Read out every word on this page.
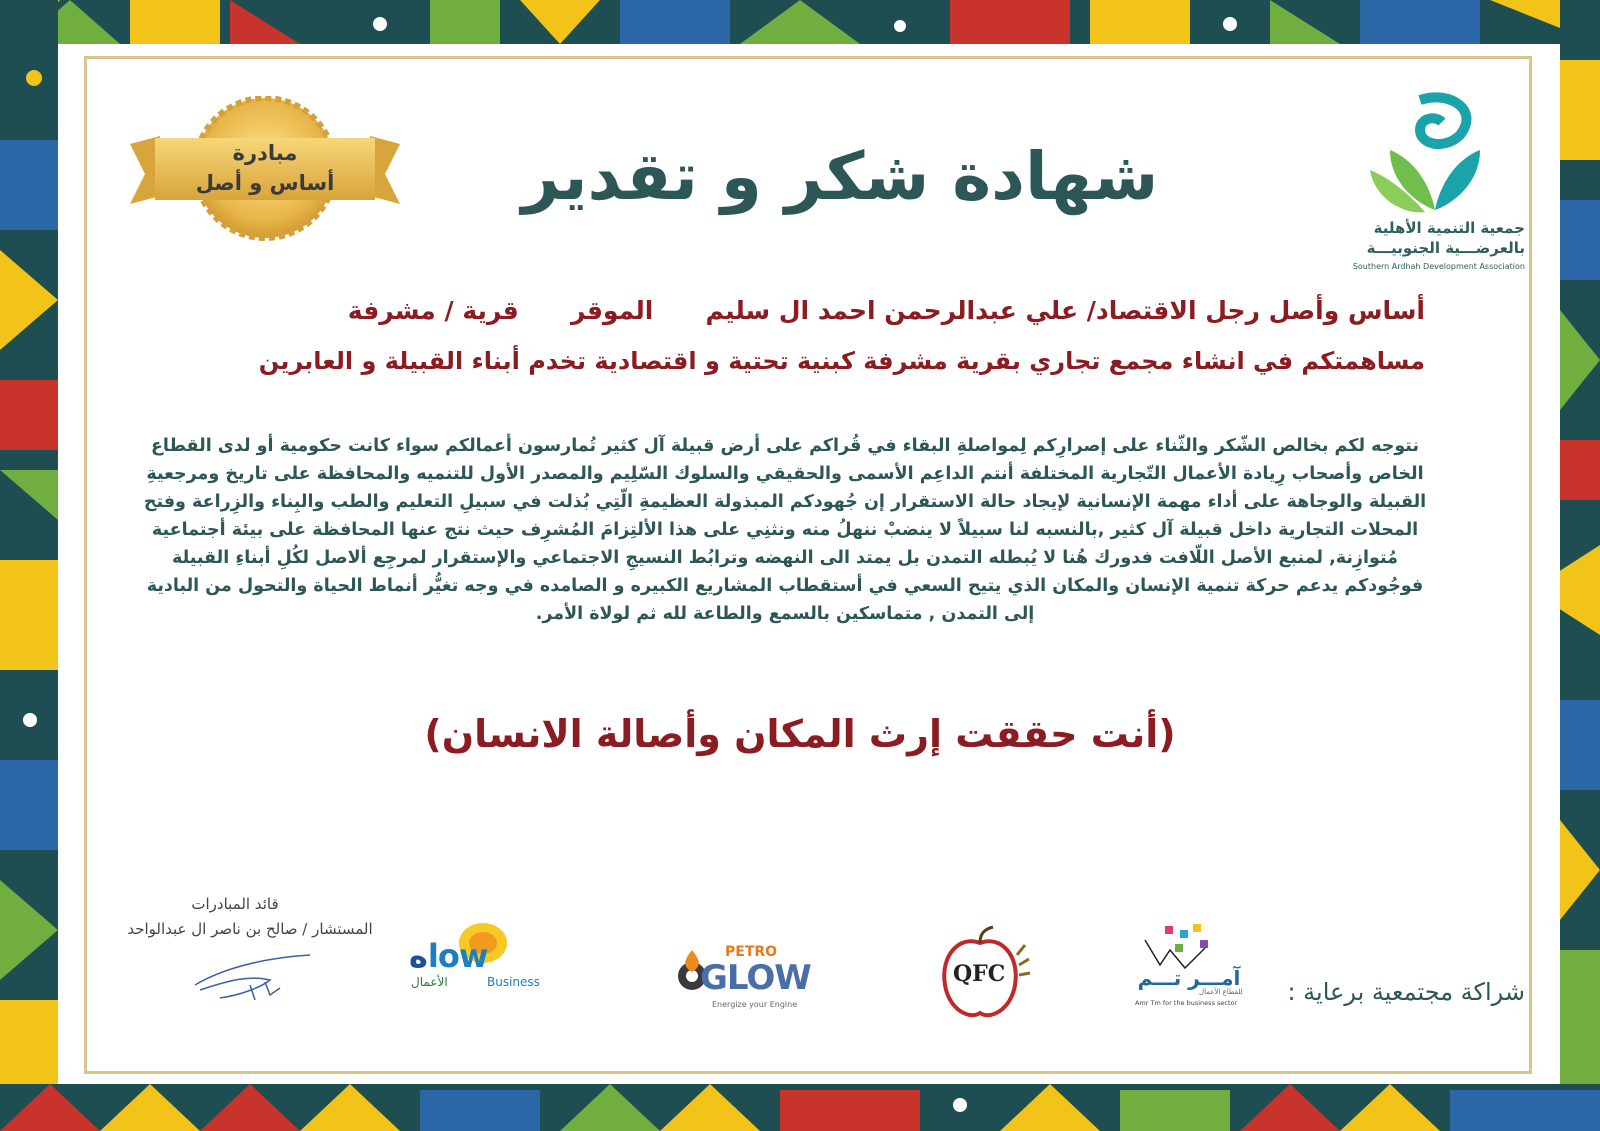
جمعية التنمية الأهلية
بالعرضـــية الجنوبيـــة
Southern Ardhah Development Association
مبادرة
أساس و أصل	شهادة شكر و تقدير
أساس وأصل رجل الاقتصاد/ علي عبدالرحمن احمد ال سليم      الموقر      قرية / مشرفة
مساهمتكم في انشاء مجمع تجاري بقرية مشرفة كبنية تحتية و اقتصادية تخدم أبناء القبيلة و العابرين
نتوجه لكم بخالص الشّكر والثّناء على إصرارِكم لِمواصلةِ البقاء في قُراكم على أرض قبيلة آل كثير تُمارسون أعمالكم سواء كانت حكومية أو لدى القطاع الخاص وأصحاب رِيادة الأعمال التّجارية المختلفة أنتم الداعِم الأسمى والحقيقي والسلوك السّلِيم والمصدر الأول للتنميه والمحافظة على تاريخ ومرجعيةِ القبيلة والوجاهة على أداء مهمة الإنسانية لإيجاد حالة الاستقرار إن جُهودكم المبذولة العظيمةِ الّتِي بُذلت في سبيلِ التعليم والطب والبِناء والزِراعة وفتح المحلات التجارية داخل قبيلة آل كثير ,بالنسبه لنا سبيلاً لا ينضبْ ننهلُ منه ونثنِي على هذا الألتِزامَ المُشرِف حيث نتج عنها المحافظة على بيئة أجتماعية مُتوازِنة, لمنبع الأصل اللّافت فدورك هُنا لا يُبطله التمدن بل يمتد الى النهضه وترابُط النسيجِ الاجتماعي والإستقرار لمرجِع ألاصل لكُلِ أبناءِ القبيلة فوجُودكم يدعم حركة تنمية الإنسان والمكان الذي يتيح السعي في أستقطاب المشاريع الكبيره و الصامده في وجه تغيُّر أنماط الحياة والتحول من البادية إلى التمدن , متماسكين بالسمع والطاعة لله ثم لولاة الأمر.
(أنت حققت إرث المكان وأصالة الانسان)
قائد المبادرات
المستشار / صالح بن ناصر ال عبدالواحد
هlow
الأعمال	Business
PETRO
GLOW
Energize your Engine
QFC	آمـــر تـــم
للقطاع الأعمال
Amr Tm for the business sector	شراكة مجتمعية برعاية :
